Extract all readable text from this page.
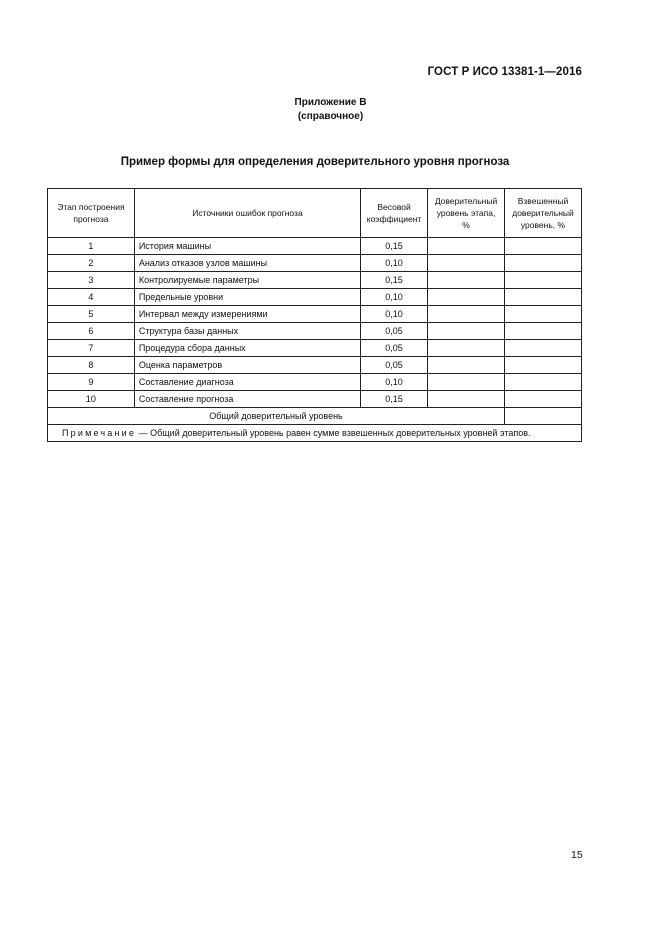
ГОСТ Р ИСО 13381-1—2016
Приложение В
(справочное)
Пример формы для определения доверительного уровня прогноза
Этап построения прогноза	Источники ошибок прогноза	Весовой коэффициент	Доверительный уровень этапа, %	Взвешенный доверительный уровень, %
1	История машины	0,15		
2	Анализ отказов узлов машины	0,10		
3	Контролируемые параметры	0,15		
4	Предельные уровни	0,10		
5	Интервал между измерениями	0,10		
6	Структура базы данных	0,05		
7	Процедура сбора данных	0,05		
8	Оценка параметров	0,05		
9	Составление диагноза	0,10		
10	Составление прогноза	0,15		
Общий доверительный уровень				
Примечание — Общий доверительный уровень равен сумме взвешенных доверительных уровней этапов.				
15
